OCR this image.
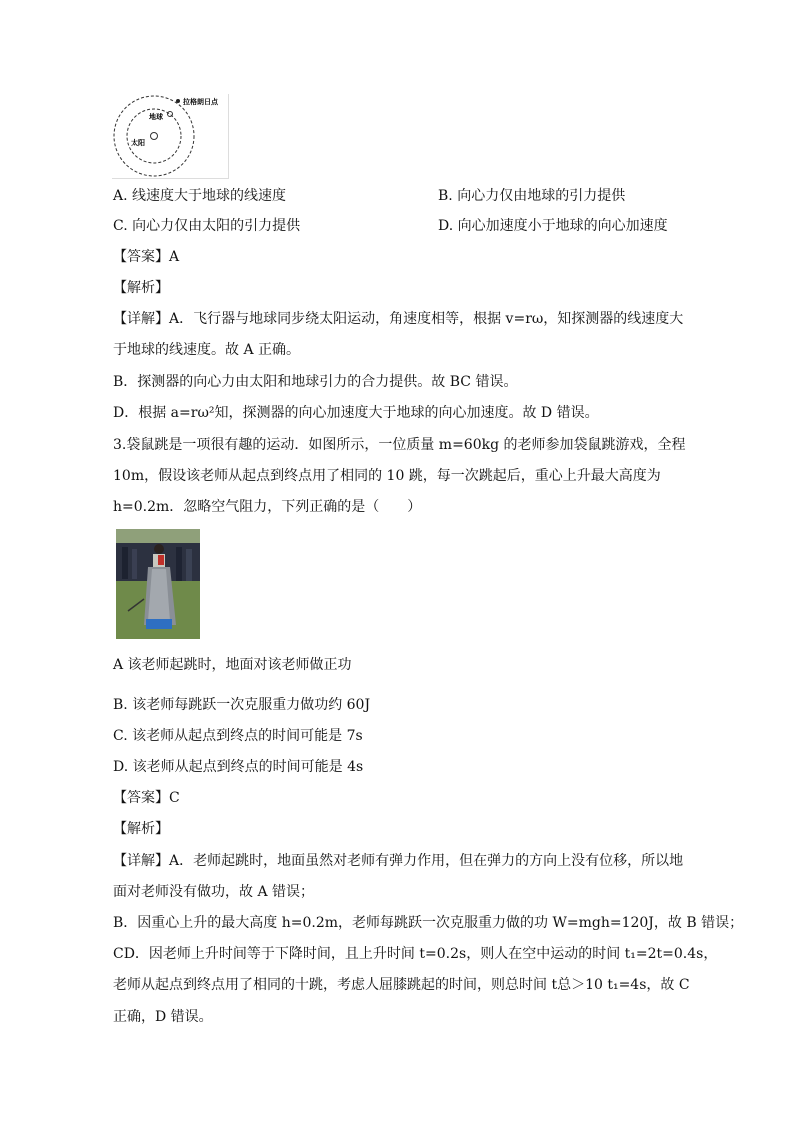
拉格朗日点
地球
太阳
A. 线速度大于地球的线速度	B. 向心力仅由地球的引力提供
C. 向心力仅由太阳的引力提供	D. 向心加速度小于地球的向心加速度
【答案】A
【解析】
【详解】A．飞行器与地球同步绕太阳运动，角速度相等，根据 v=rω，知探测器的线速度大
于地球的线速度。故 A 正确。
B．探测器的向心力由太阳和地球引力的合力提供。故 BC 错误。
D．根据 a=rω²知，探测器的向心加速度大于地球的向心加速度。故 D 错误。
3.袋鼠跳是一项很有趣的运动．如图所示，一位质量 m=60kg 的老师参加袋鼠跳游戏，全程
10m，假设该老师从起点到终点用了相同的 10 跳，每一次跳起后，重心上升最大高度为
h=0.2m．忽略空气阻力，下列正确的是（　　）
A 该老师起跳时，地面对该老师做正功
B. 该老师每跳跃一次克服重力做功约 60J
C. 该老师从起点到终点的时间可能是 7s
D. 该老师从起点到终点的时间可能是 4s
【答案】C
【解析】
【详解】A．老师起跳时，地面虽然对老师有弹力作用，但在弹力的方向上没有位移，所以地
面对老师没有做功，故 A 错误；
B．因重心上升的最大高度 h=0.2m，老师每跳跃一次克服重力做的功 W=mgh=120J，故 B 错误；
CD．因老师上升时间等于下降时间，且上升时间 t=0.2s，则人在空中运动的时间 t₁=2t=0.4s，
老师从起点到终点用了相同的十跳，考虑人屈膝跳起的时间，则总时间 t总＞10 t₁=4s，故 C
正确，D 错误。
